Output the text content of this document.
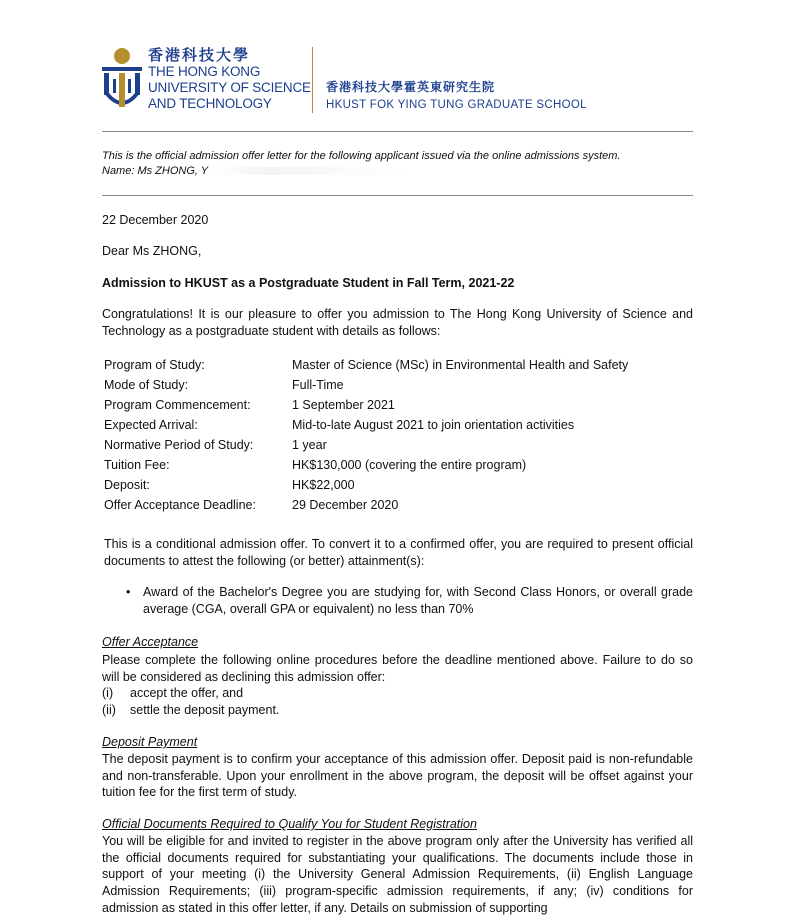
香港科技大學

THE HONG KONG

UNIVERSITY OF SCIENCE

AND TECHNOLOGY

香港科技大學霍英東研究生院

HKUST FOK YING TUNG GRADUATE SCHOOL

This is the official admission offer letter for the following applicant issued via the online admissions system.

Name: Ms ZHONG, Y

22 December 2020

Dear Ms ZHONG,

Admission to HKUST as a Postgraduate Student in Fall Term, 2021-22

Congratulations! It is our pleasure to offer you admission to The Hong Kong University of Science and Technology as a postgraduate student with details as follows:

Program of Study:	Master of Science (MSc) in Environmental Health and Safety
Mode of Study:	Full-Time
Program Commencement:	1 September 2021
Expected Arrival:	Mid-to-late August 2021 to join orientation activities
Normative Period of Study:	1 year
Tuition Fee:	HK$130,000 (covering the entire program)
Deposit:	HK$22,000
Offer Acceptance Deadline:	29 December 2020

This is a conditional admission offer. To convert it to a confirmed offer, you are required to present official documents to attest the following (or better) attainment(s):

•	Award of the Bachelor's Degree you are studying for, with Second Class Honors, or overall grade average (CGA, overall GPA or equivalent) no less than 70%

Offer Acceptance

Please complete the following online procedures before the deadline mentioned above. Failure to do so will be considered as declining this admission offer:

(i) accept the offer, and
(ii) settle the deposit payment.

Deposit Payment

The deposit payment is to confirm your acceptance of this admission offer. Deposit paid is non-refundable and non-transferable. Upon your enrollment in the above program, the deposit will be offset against your tuition fee for the first term of study.

Official Documents Required to Qualify You for Student Registration

You will be eligible for and invited to register in the above program only after the University has verified all the official documents required for substantiating your qualifications. The documents include those in support of your meeting (i) the University General Admission Requirements, (ii) English Language Admission Requirements; (iii) program-specific admission requirements, if any; (iv) conditions for admission as stated in this offer letter, if any. Details on submission of supporting
